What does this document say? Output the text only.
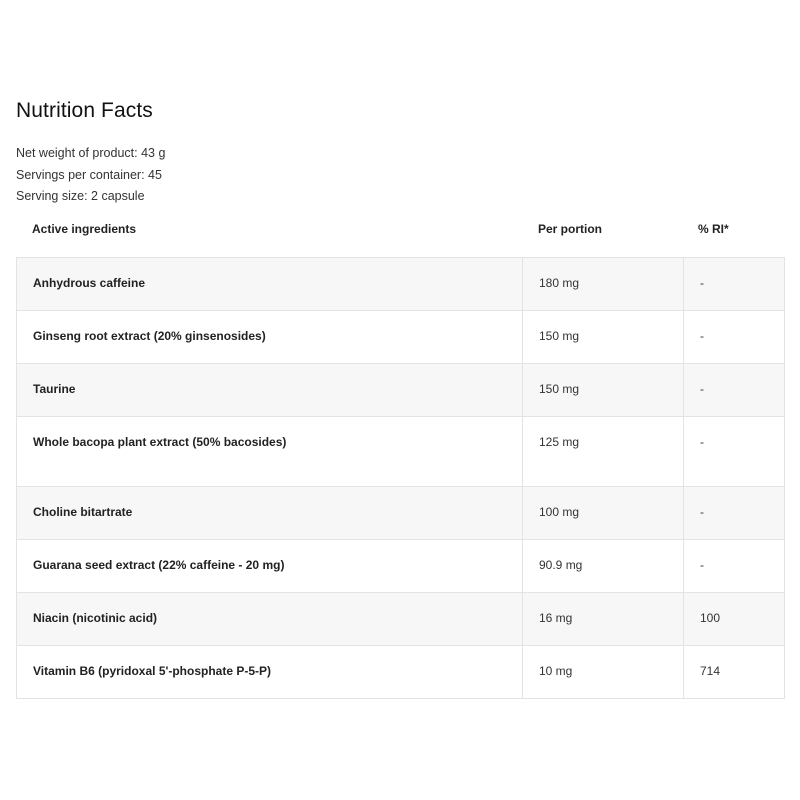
Nutrition Facts
Net weight of product: 43 g
Servings per container: 45
Serving size: 2 capsule
Active ingredients	Per portion	% RI*
Anhydrous caffeine	180 mg	-
Ginseng root extract (20% ginsenosides)	150 mg	-
Taurine	150 mg	-
Whole bacopa plant extract (50% bacosides)	125 mg	-
Choline bitartrate	100 mg	-
Guarana seed extract (22% caffeine - 20 mg)	90.9 mg	-
Niacin (nicotinic acid)	16 mg	100
Vitamin B6 (pyridoxal 5'-phosphate P-5-P)	10 mg	714
